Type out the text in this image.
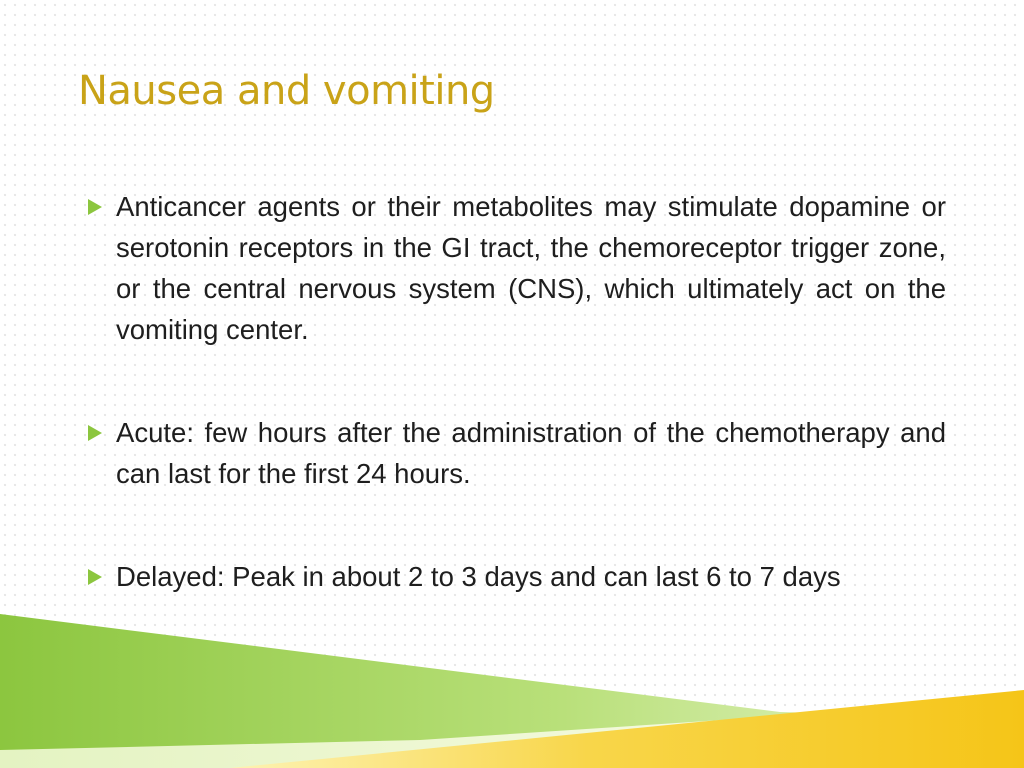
Nausea and vomiting
Anticancer agents or their metabolites may stimulate dopamine or serotonin receptors in the GI tract, the chemoreceptor trigger zone, or the central nervous system (CNS), which ultimately act on the vomiting center.
Acute: few hours after the administration of the chemotherapy and can last for the first 24 hours.
Delayed: Peak in about 2 to 3 days and can last 6 to 7 days
